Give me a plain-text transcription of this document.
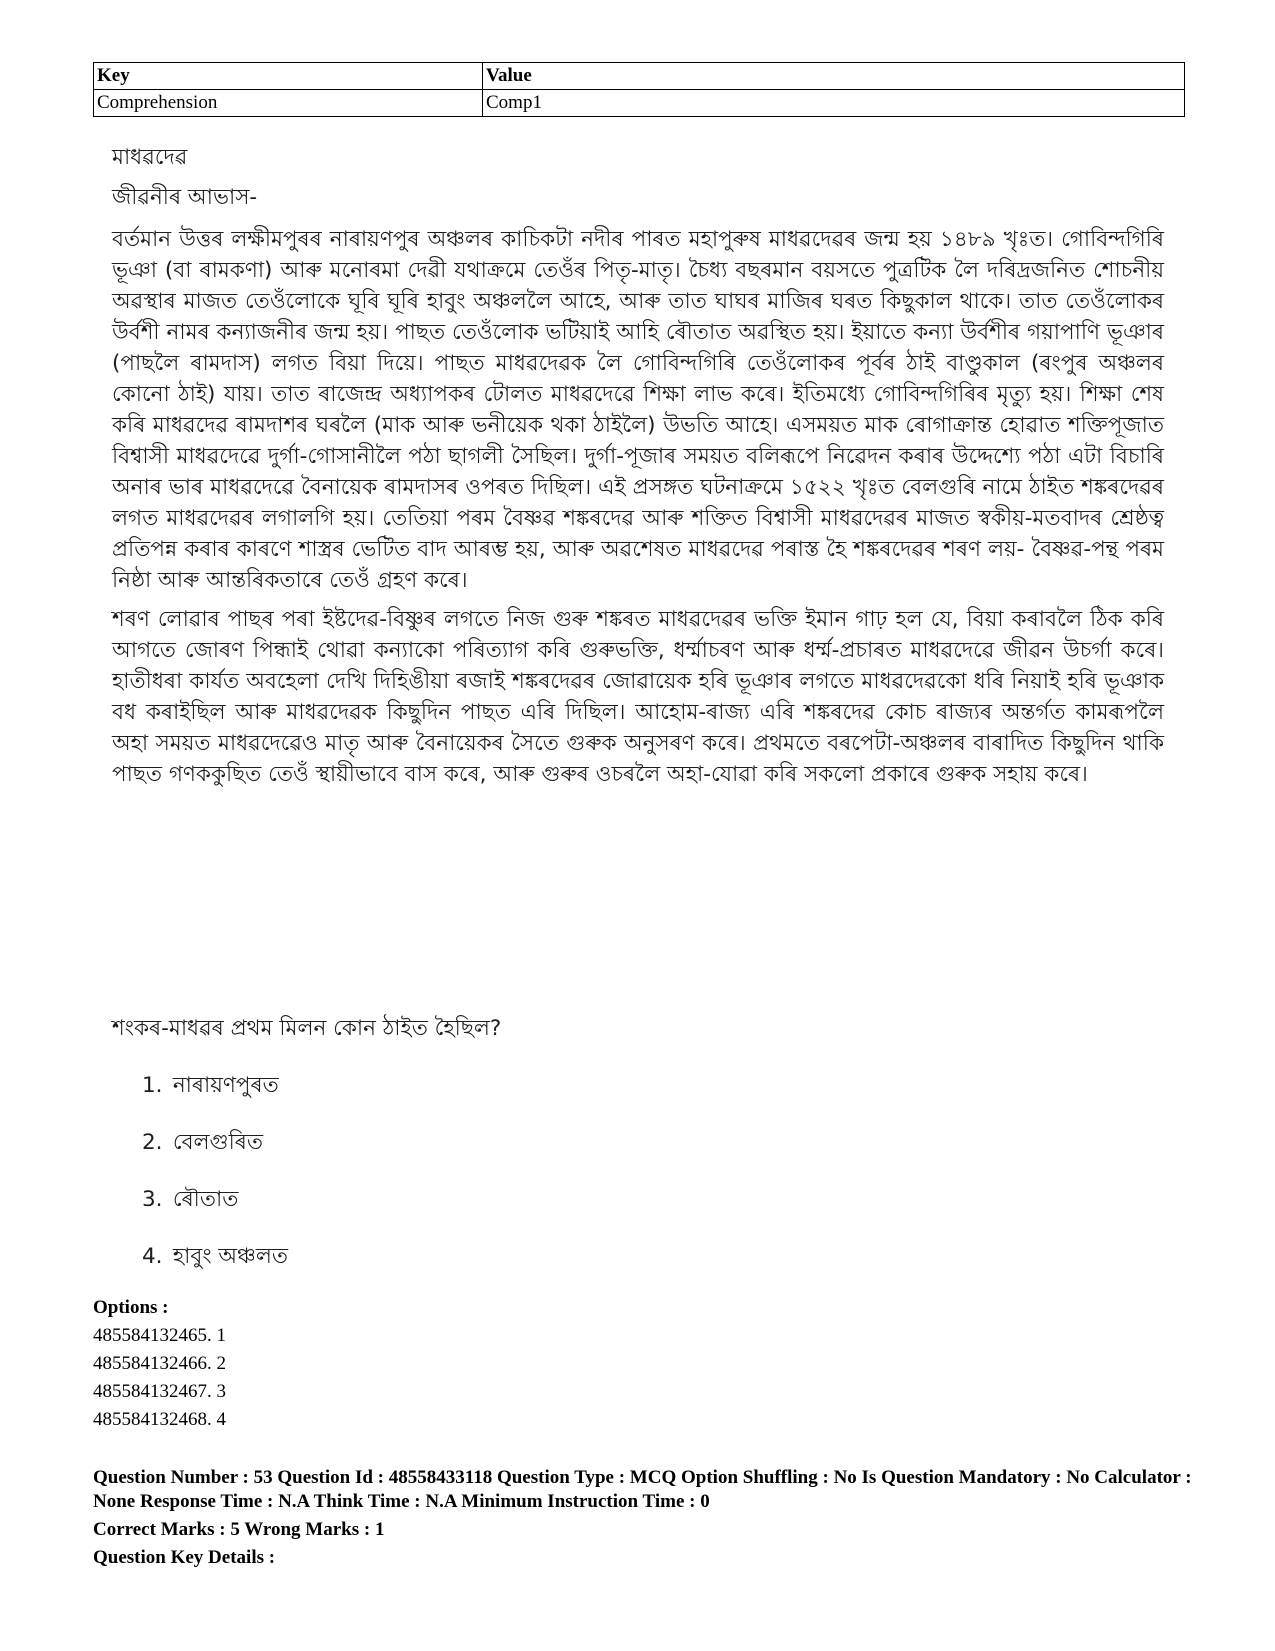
Key	Value
Comprehension	Comp1
মাধৱদেৱ
জীৱনীৰ আভাস-

বৰ্তমান উত্তৰ লক্ষীমপুৰৰ নাৰায়ণপুৰ অঞ্চলৰ কাচিকটা নদীৰ পাৰত মহাপুৰুষ মাধৱদেৱৰ জন্ম হয় ১৪৮৯ খৃঃত। গোবিন্দগিৰি ভূঞা (বা ৰামকণা) আৰু মনোৰমা দেৱী যথাক্ৰমে তেওঁৰ পিতৃ-মাতৃ। চৈধ্য বছৰমান বয়সতে পুত্ৰটিক লৈ দৰিদ্ৰজনিত শোচনীয় অৱস্থাৰ মাজত তেওঁলোকে ঘূৰি ঘূৰি হাবুং অঞ্চললৈ আহে, আৰু তাত ঘাঘৰ মাজিৰ ঘৰত কিছুকাল থাকে। তাত তেওঁলোকৰ উৰ্বশী নামৰ কন্যাজনীৰ জন্ম হয়। পাছত তেওঁলোক ভটিয়াই আহি ৰৌতাত অৱস্থিত হয়। ইয়াতে কন্যা উৰ্বশীৰ গয়াপাণি ভূঞাৰ (পাছলৈ ৰামদাস) লগত বিয়া দিয়ে। পাছত মাধৱদেৱক লৈ গোবিন্দগিৰি তেওঁলোকৰ পূৰ্বৰ ঠাই বাণ্ডুকাল (ৰংপুৰ অঞ্চলৰ কোনো ঠাই) যায়। তাত ৰাজেন্দ্ৰ অধ্যাপকৰ টোলত মাধৱদেৱে শিক্ষা লাভ কৰে। ইতিমধ্যে গোবিন্দগিৰিৰ মৃত্যু হয়। শিক্ষা শেষ কৰি মাধৱদেৱ ৰামদাশৰ ঘৰলৈ (মাক আৰু ভনীয়েক থকা ঠাইলৈ) উভতি আহে। এসময়ত মাক ৰোগাক্ৰান্ত হোৱাত শক্তিপূজাত বিশ্বাসী মাধৱদেৱে দুৰ্গা-গোসানীলৈ পঠা ছাগলী সৈছিল। দুৰ্গা-পূজাৰ সময়ত বলিৰূপে নিৱেদন কৰাৰ উদ্দেশ্যে পঠা এটা বিচাৰি অনাৰ ভাৰ মাধৱদেৱে বৈনায়েক ৰামদাসৰ ওপৰত দিছিল। এই প্ৰসঙ্গত ঘটনাক্ৰমে ১৫২২ খৃঃত বেলগুৰি নামে ঠাইত শঙ্কৰদেৱৰ লগত মাধৱদেৱৰ লগালগি হয়। তেতিয়া পৰম বৈষ্ণৱ শঙ্কৰদেৱ আৰু শক্তিত বিশ্বাসী মাধৱদেৱৰ মাজত স্বকীয়-মতবাদৰ শ্ৰেষ্ঠত্ব প্ৰতিপন্ন কৰাৰ কাৰণে শাস্ত্ৰৰ ভেটিত বাদ আৰম্ভ হয়, আৰু অৱশেষত মাধৱদেৱ পৰাস্ত হৈ শঙ্কৰদেৱৰ শৰণ লয়- বৈষ্ণৱ-পন্থ পৰম নিষ্ঠা আৰু আন্তৰিকতাৰে তেওঁ গ্ৰহণ কৰে।

শৰণ লোৱাৰ পাছৰ পৰা ইষ্টদেৱ-বিষ্ণুৰ লগতে নিজ গুৰু শঙ্কৰত মাধৱদেৱৰ ভক্তি ইমান গাঢ় হল যে, বিয়া কৰাবলৈ ঠিক কৰি আগতে জোৰণ পিন্ধাই থোৱা কন্যাকো পৰিত্যাগ কৰি গুৰুভক্তি, ধৰ্ম্মাচৰণ আৰু ধৰ্ম্ম-প্ৰচাৰত মাধৱদেৱে জীৱন উচৰ্গা কৰে। হাতীধৰা কাৰ্যত অবহেলা দেখি দিহিঙীয়া ৰজাই শঙ্কৰদেৱৰ জোৱায়েক হৰি ভূঞাৰ লগতে মাধৱদেৱকো ধৰি নিয়াই হৰি ভূঞাক বধ কৰাইছিল আৰু মাধৱদেৱক কিছুদিন পাছত এৰি দিছিল। আহোম-ৰাজ্য এৰি শঙ্কৰদেৱ কোচ ৰাজ্যৰ অন্তৰ্গত কামৰূপলৈ অহা সময়ত মাধৱদেৱেও মাতৃ আৰু বৈনায়েকৰ সৈতে গুৰুক অনুসৰণ কৰে। প্ৰথমতে বৰপেটা-অঞ্চলৰ বাৰাদিত কিছুদিন থাকি পাছত গণককুছিত তেওঁ স্থায়ীভাবে বাস কৰে, আৰু গুৰুৰ ওচৰলৈ অহা-যোৱা কৰি সকলো প্ৰকাৰে গুৰুক সহায় কৰে।

শংকৰ-মাধৱৰ প্ৰথম মিলন কোন ঠাইত হৈছিল?
1. নাৰায়ণপুৰত
2. বেলগুৰিত
3. ৰৌতাত
4. হাবুং অঞ্চলত
Options :
485584132465. 1
485584132466. 2
485584132467. 3
485584132468. 4
Question Number : 53 Question Id : 48558433118 Question Type : MCQ Option Shuffling : No Is Question Mandatory : No Calculator : None Response Time : N.A Think Time : N.A Minimum Instruction Time : 0
Correct Marks : 5 Wrong Marks : 1
Question Key Details :
